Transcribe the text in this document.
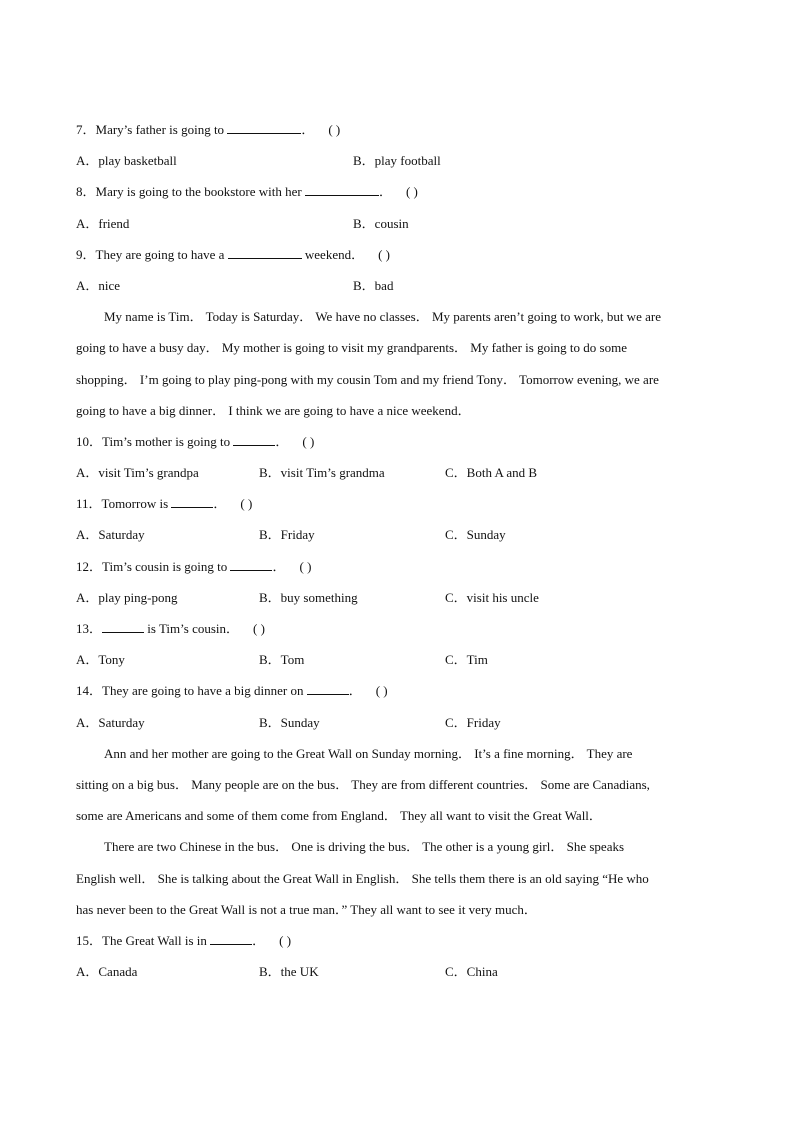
7．Mary’s father is going to	． ( )
A．play basketball	B．play football
8．Mary is going to the bookstore with her	． ( )
A．friend	B．cousin
9．They are going to have a	weekend． ( )
A．nice	B．bad
My name is Tim． Today is Saturday． We have no classes． My parents aren’t going to work, but we are
going to have a busy day． My mother is going to visit my grandparents． My father is going to do some
shopping． I’m going to play ping-pong with my cousin Tom and my friend Tony． Tomorrow evening, we are
going to have a big dinner． I think we are going to have a nice weekend．
10．Tim’s mother is going to	． ( )
A．visit Tim’s grandpa	B．visit Tim’s grandma	C．Both A and B
11．Tomorrow is	． ( )
A．Saturday	B．Friday	C．Sunday
12．Tim’s cousin is going to	． ( )
A．play ping-pong	B．buy something	C．visit his uncle
13．	is Tim’s cousin． ( )
A．Tony	B．Tom	C．Tim
14．They are going to have a big dinner on	． ( )
A．Saturday	B．Sunday	C．Friday
Ann and her mother are going to the Great Wall on Sunday morning． It’s a fine morning． They are
sitting on a big bus． Many people are on the bus． They are from different countries． Some are Canadians,
some are Americans and some of them come from England． They all want to visit the Great Wall．
There are two Chinese in the bus． One is driving the bus． The other is a young girl． She speaks
English well． She is talking about the Great Wall in English． She tells them there is an old saying “He who
has never been to the Great Wall is not a true man．” They all want to see it very much．
15．The Great Wall is in	． ( )
A．Canada	B．the UK	C．China
